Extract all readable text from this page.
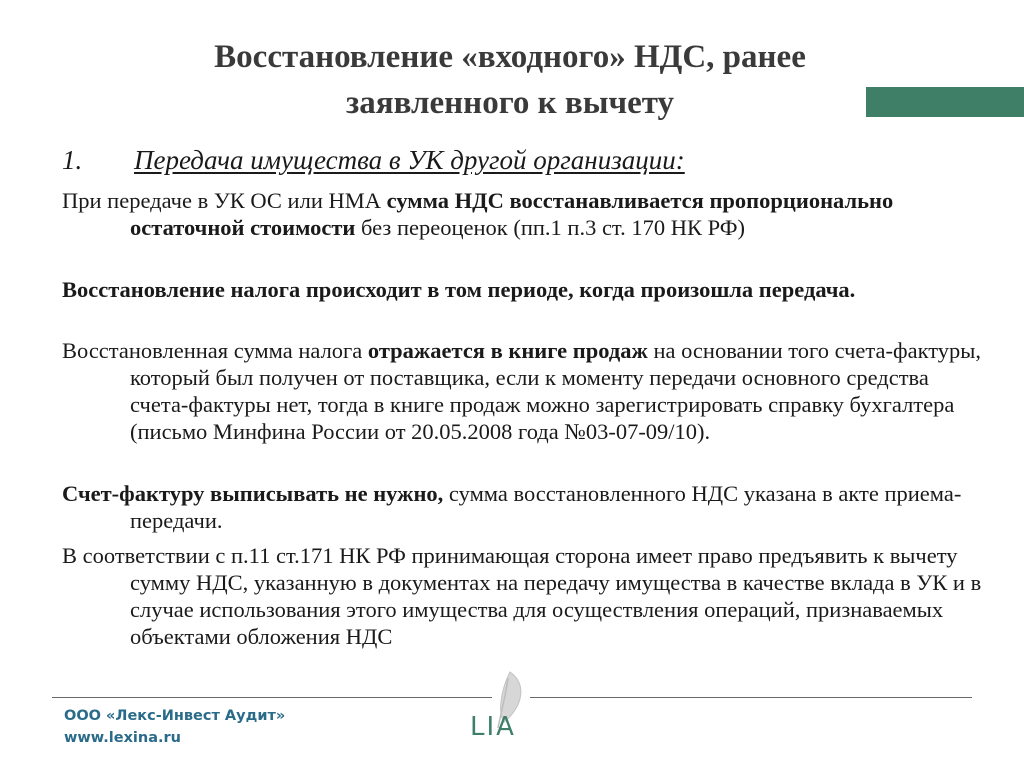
Восстановление «входного» НДС, ранее
заявленного к вычету
1. Передача имущества в УК другой организации:
При передаче в УК ОС или НМА сумма НДС восстанавливается пропорционально остаточной стоимости без переоценок (пп.1 п.3 ст. 170 НК РФ)
Восстановление налога происходит в том периоде, когда произошла передача.
Восстановленная сумма налога отражается в книге продаж на основании того счета-фактуры, который был получен от поставщика, если к моменту передачи основного средства счета-фактуры нет, тогда в книге продаж можно зарегистрировать справку бухгалтера (письмо Минфина России от 20.05.2008 года №03-07-09/10).
Счет-фактуру выписывать не нужно, сумма восстановленного НДС указана в акте приема-передачи.
В соответствии с п.11 ст.171 НК РФ принимающая сторона имеет право предъявить к вычету сумму НДС, указанную в документах на передачу имущества в качестве вклада в УК и в случае использования этого имущества для осуществления операций, признаваемых объектами обложения НДС
ООО «Лекс-Инвест Аудит»
www.lexina.ru	LIA
